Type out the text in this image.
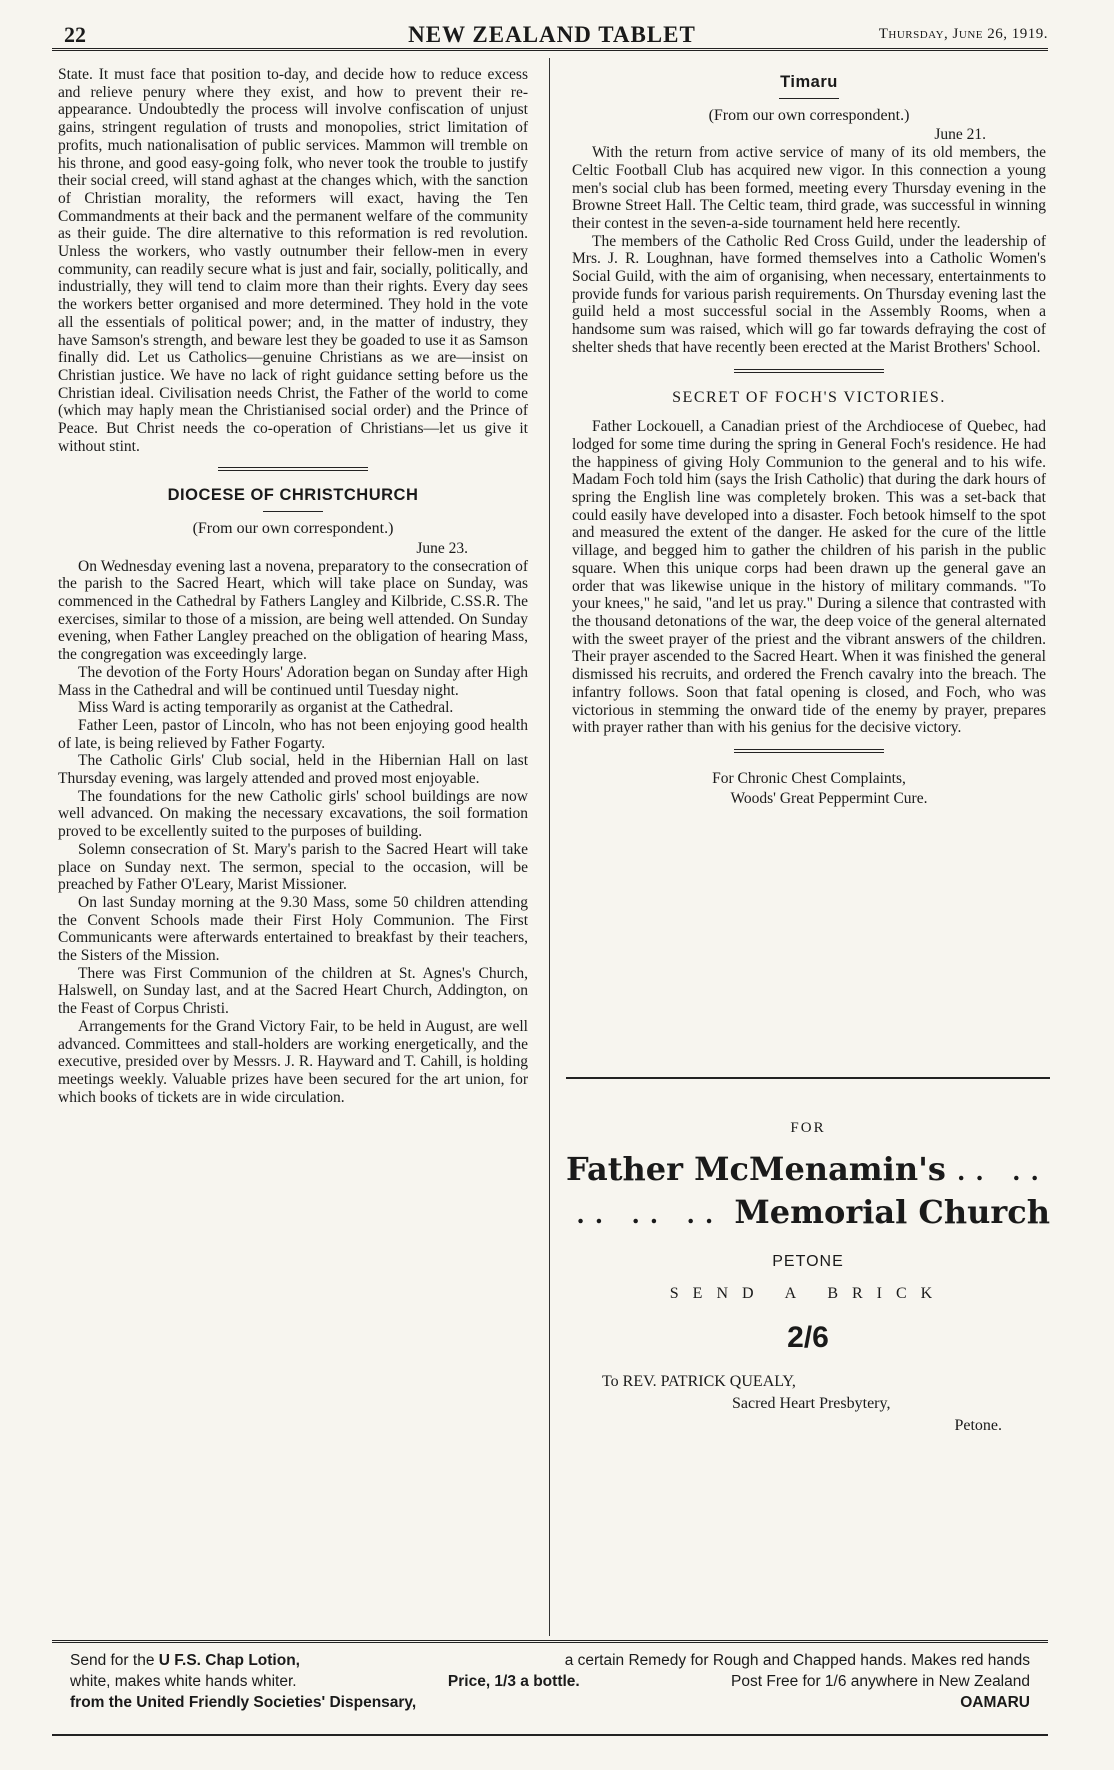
22	NEW ZEALAND TABLET	Thursday, June 26, 1919.

State. It must face that position to-day, and decide how to reduce excess and relieve penury where they exist, and how to prevent their re-appearance. Undoubtedly the process will involve confiscation of unjust gains, stringent regulation of trusts and monopolies, strict limitation of profits, much nationalisation of public services. Mammon will tremble on his throne, and good easy-going folk, who never took the trouble to justify their social creed, will stand aghast at the changes which, with the sanction of Christian morality, the reformers will exact, having the Ten Commandments at their back and the permanent welfare of the community as their guide. The dire alternative to this reformation is red revolution. Unless the workers, who vastly outnumber their fellow-men in every community, can readily secure what is just and fair, socially, politically, and industrially, they will tend to claim more than their rights. Every day sees the workers better organised and more determined. They hold in the vote all the essentials of political power; and, in the matter of industry, they have Samson's strength, and beware lest they be goaded to use it as Samson finally did. Let us Catholics—genuine Christians as we are—insist on Christian justice. We have no lack of right guidance setting before us the Christian ideal. Civilisation needs Christ, the Father of the world to come (which may haply mean the Christianised social order) and the Prince of Peace. But Christ needs the co-operation of Christians—let us give it without stint.

DIOCESE OF CHRISTCHURCH
(From our own correspondent.)
June 23.

On Wednesday evening last a novena, preparatory to the consecration of the parish to the Sacred Heart, which will take place on Sunday, was commenced in the Cathedral by Fathers Langley and Kilbride, C.SS.R. The exercises, similar to those of a mission, are being well attended. On Sunday evening, when Father Langley preached on the obligation of hearing Mass, the congregation was exceedingly large.

The devotion of the Forty Hours' Adoration began on Sunday after High Mass in the Cathedral and will be continued until Tuesday night.

Miss Ward is acting temporarily as organist at the Cathedral.

Father Leen, pastor of Lincoln, who has not been enjoying good health of late, is being relieved by Father Fogarty.

The Catholic Girls' Club social, held in the Hibernian Hall on last Thursday evening, was largely attended and proved most enjoyable.

The foundations for the new Catholic girls' school buildings are now well advanced. On making the necessary excavations, the soil formation proved to be excellently suited to the purposes of building.

Solemn consecration of St. Mary's parish to the Sacred Heart will take place on Sunday next. The sermon, special to the occasion, will be preached by Father O'Leary, Marist Missioner.

On last Sunday morning at the 9.30 Mass, some 50 children attending the Convent Schools made their First Holy Communion. The First Communicants were afterwards entertained to breakfast by their teachers, the Sisters of the Mission.

There was First Communion of the children at St. Agnes's Church, Halswell, on Sunday last, and at the Sacred Heart Church, Addington, on the Feast of Corpus Christi.

Arrangements for the Grand Victory Fair, to be held in August, are well advanced. Committees and stall-holders are working energetically, and the executive, presided over by Messrs. J. R. Hayward and T. Cahill, is holding meetings weekly. Valuable prizes have been secured for the art union, for which books of tickets are in wide circulation.

Timaru
(From our own correspondent.)
June 21.

With the return from active service of many of its old members, the Celtic Football Club has acquired new vigor. In this connection a young men's social club has been formed, meeting every Thursday evening in the Browne Street Hall. The Celtic team, third grade, was successful in winning their contest in the seven-a-side tournament held here recently.

The members of the Catholic Red Cross Guild, under the leadership of Mrs. J. R. Loughnan, have formed themselves into a Catholic Women's Social Guild, with the aim of organising, when necessary, entertainments to provide funds for various parish requirements. On Thursday evening last the guild held a most successful social in the Assembly Rooms, when a handsome sum was raised, which will go far towards defraying the cost of shelter sheds that have recently been erected at the Marist Brothers' School.

SECRET OF FOCH'S VICTORIES.

Father Lockouell, a Canadian priest of the Archdiocese of Quebec, had lodged for some time during the spring in General Foch's residence. He had the happiness of giving Holy Communion to the general and to his wife. Madam Foch told him (says the Irish Catholic) that during the dark hours of spring the English line was completely broken. This was a set-back that could easily have developed into a disaster. Foch betook himself to the spot and measured the extent of the danger. He asked for the cure of the little village, and begged him to gather the children of his parish in the public square. When this unique corps had been drawn up the general gave an order that was likewise unique in the history of military commands. "To your knees," he said, "and let us pray." During a silence that contrasted with the thousand detonations of the war, the deep voice of the general alternated with the sweet prayer of the priest and the vibrant answers of the children. Their prayer ascended to the Sacred Heart. When it was finished the general dismissed his recruits, and ordered the French cavalry into the breach. The infantry follows. Soon that fatal opening is closed, and Foch, who was victorious in stemming the onward tide of the enemy by prayer, prepares with prayer rather than with his genius for the decisive victory.

For Chronic Chest Complaints,
Woods' Great Peppermint Cure.
FOR
Father McMenamin's .. ..
.. .. .. Memorial Church
PETONE
SEND A BRICK
2/6
To REV. PATRICK QUEALY,
Sacred Heart Presbytery,
Petone.
Send for the U F.S. Chap Lotion,	a certain Remedy for Rough and Chapped hands. Makes red hands
white, makes white hands whiter.	Price, 1/3 a bottle.	Post Free for 1/6 anywhere in New Zealand
from the United Friendly Societies' Dispensary,	OAMARU
